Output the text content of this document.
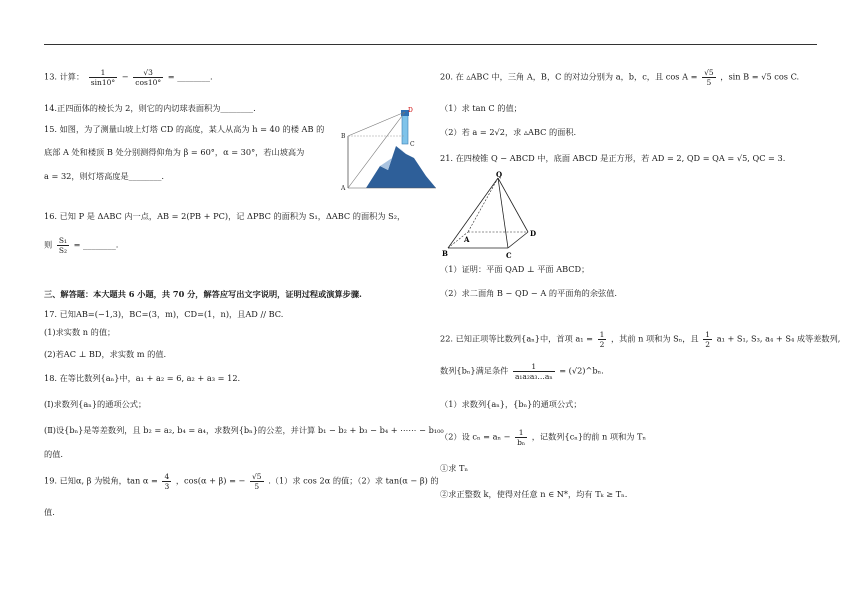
13. 计算： $\frac{1}{\sin 10^\circ} - \frac{√3}{\cos 10^\circ}$ = ________.
14.正四面体的棱长为 2，则它的内切球表面积为________.
15. 如图，为了测量山坡上灯塔 CD 的高度，某人从高为 h = 40 的楼 AB 的
底部 A 处和楼顶 B 处分别测得仰角为 β = 60°，α = 30°，若山坡高为
a = 32，则灯塔高度是________.
16. 已知 P 是 ΔABC 内一点，AB = 2(PB + PC)，记 ΔPBC 的面积为 S₁，ΔABC 的面积为 S₂，
则 $\frac{\text{S₁}}{\text{S₂}}$ = ________.
三、解答题：本大题共 6 小题，共 70 分，解答应写出文字说明，证明过程或演算步骤.
17. 已知AB=(−1,3)，BC=(3，m)，CD=(1，n)，且AD // BC.
(1)求实数 n 的值；
(2)若AC ⊥ BD，求实数 m 的值.
18. 在等比数列{aₙ}中，a₁ + a₂ = 6, a₂ + a₃ = 12.
(Ⅰ)求数列{aₙ}的通项公式；
(Ⅱ)设{bₙ}是等差数列，且 b₂ = a₂, b₄ = a₄，求数列{bₙ}的公差，并计算 b₁ − b₂ + b₃ − b₄ + ⋯⋯ − b₁₀₀
的值.
19. 已知α, β 为锐角，$\tan \alpha = \frac{4}{3}$ ，cos(α + β) = − $\frac{√5}{5} .(1)$求 cos 2α 的值；（2）求 tan(α − β) 的
值.
D
C
B
A
20. 在 ▵ABC 中，三角 A，B，C 的对边分别为 a，b，c，且 $\cos A = \frac{√5}{5}$ ，sin B = √5 cos C.
（1）求 tan C 的值；
（2）若 a = 2√2，求 ▵ABC 的面积.
21. 在四棱锥 Q − ABCD 中，底面 ABCD 是正方形，若 AD = 2, QD = QA = √5, QC = 3.
（1）证明：平面 QAD ⊥ 平面 ABCD；
（2）求二面角 B − QD − A 的平面角的余弦值.
22. 已知正项等比数列{aₙ}中，首项 $a_1 = \frac{1}{2}$ ，其前 n 项和为 Sₙ，且 $\frac{1}{2} a_1 + S_1$, S₃, a₄ + S₄ 成等差数列,
数列{bₙ}满足条件 $\frac{1}{\text{a₁a₂a₃…aₙ}}$ = (√2)^bₙ.
（1）求数列{aₙ}，{bₙ}的通项公式；
（2）设 $c_n = a_n - \frac{1}{\text{bₙ}}$ ，记数列{cₙ}的前 n 项和为 Tₙ
①求 Tₙ
②求正整数 k，使得对任意 n ∈ N*，均有 Tₖ ≥ Tₙ.
Q
A
B	C
D
